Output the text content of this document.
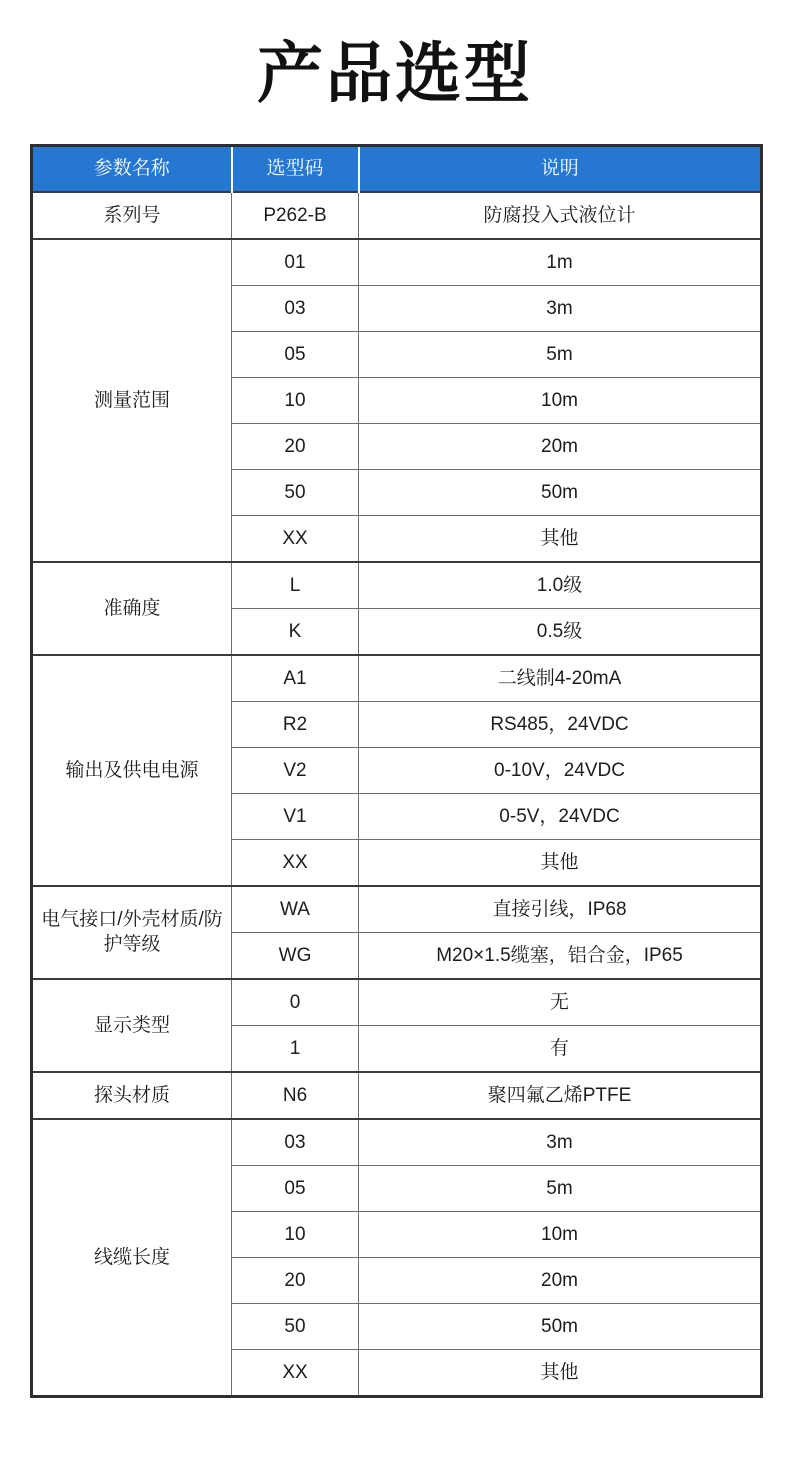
产品选型
参数名称	选型码	说明
系列号	P262-B	防腐投入式液位计
测量范围	01	1m
	03	3m
	05	5m
	10	10m
	20	20m
	50	50m
	XX	其他
准确度	L	1.0级
	K	0.5级
输出及供电电源	A1	二线制4-20mA
	R2	RS485，24VDC
	V2	0-10V，24VDC
	V1	0-5V，24VDC
	XX	其他
电气接口/外壳材质/防护等级	WA	直接引线，IP68
	WG	M20×1.5缆塞，铝合金，IP65
显示类型	0	无
	1	有
探头材质	N6	聚四氟乙烯PTFE
线缆长度	03	3m
	05	5m
	10	10m
	20	20m
	50	50m
	XX	其他
